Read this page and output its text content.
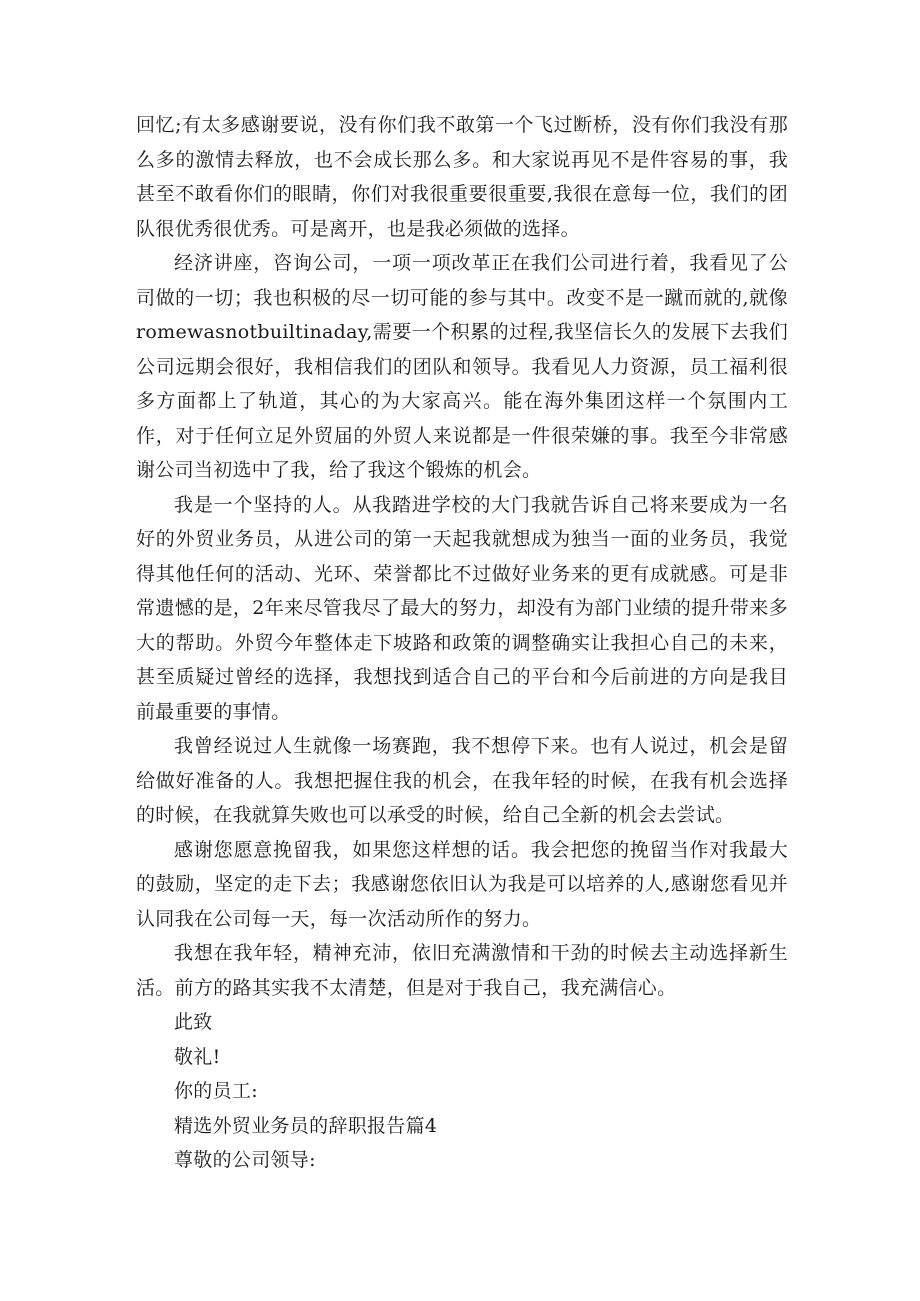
回忆;有太多感谢要说，没有你们我不敢第一个飞过断桥，没有你们我没有那么多的激情去释放，也不会成长那么多。和大家说再见不是件容易的事，我甚至不敢看你们的眼睛，你们对我很重要很重要,我很在意每一位，我们的团队很优秀很优秀。可是离开，也是我必须做的选择。

经济讲座，咨询公司，一项一项改革正在我们公司进行着，我看见了公司做的一切；我也积极的尽一切可能的参与其中。改变不是一蹴而就的,就像romewasnotbuiltinaday,需要一个积累的过程,我坚信长久的发展下去我们公司远期会很好，我相信我们的团队和领导。我看见人力资源，员工福利很多方面都上了轨道，其心的为大家高兴。能在海外集团这样一个氛围内工作，对于任何立足外贸届的外贸人来说都是一件很荣嫌的事。我至今非常感谢公司当初选中了我，给了我这个锻炼的机会。

我是一个坚持的人。从我踏进学校的大门我就告诉自己将来要成为一名好的外贸业务员，从进公司的第一天起我就想成为独当一面的业务员，我觉得其他任何的活动、光环、荣誉都比不过做好业务来的更有成就感。可是非常遗憾的是，2年来尽管我尽了最大的努力，却没有为部门业绩的提升带来多大的帮助。外贸今年整体走下坡路和政策的调整确实让我担心自己的未来，甚至质疑过曾经的选择，我想找到适合自己的平台和今后前进的方向是我目前最重要的事情。

我曾经说过人生就像一场赛跑，我不想停下来。也有人说过，机会是留给做好准备的人。我想把握住我的机会，在我年轻的时候，在我有机会选择的时候，在我就算失败也可以承受的时候，给自己全新的机会去尝试。

感谢您愿意挽留我，如果您这样想的话。我会把您的挽留当作对我最大的鼓励，坚定的走下去；我感谢您依旧认为我是可以培养的人,感谢您看见并认同我在公司每一天，每一次活动所作的努力。

我想在我年轻，精神充沛，依旧充满激情和干劲的时候去主动选择新生活。前方的路其实我不太清楚，但是对于我自己，我充满信心。

此致

敬礼!

你的员工:

精选外贸业务员的辞职报告篇4

尊敬的公司领导:
